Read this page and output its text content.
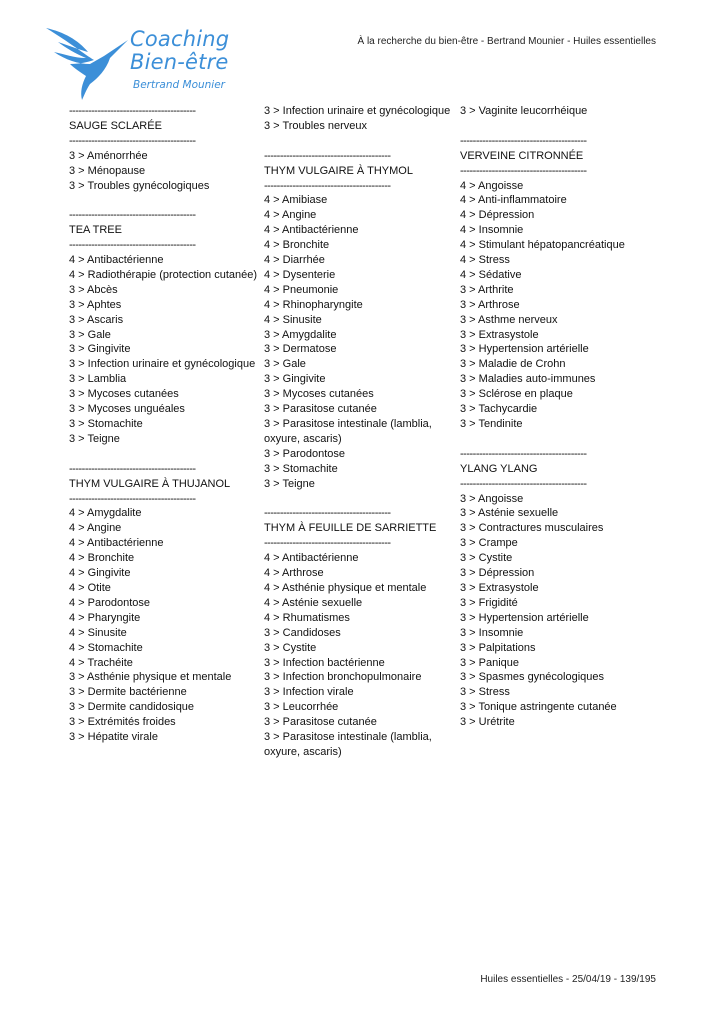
Coaching
Bien-être
Bertrand Mounier
À la recherche du bien-être - Bertrand Mounier - Huiles essentielles
----------------------------------------
SAUGE SCLARÉE
----------------------------------------
3 > Aménorrhée
3 > Ménopause
3 > Troubles gynécologiques
----------------------------------------
TEA TREE
----------------------------------------
4 > Antibactérienne
4 > Radiothérapie (protection cutanée)
3 > Abcès
3 > Aphtes
3 > Ascaris
3 > Gale
3 > Gingivite
3 > Infection urinaire et gynécologique
3 > Lamblia
3 > Mycoses cutanées
3 > Mycoses unguéales
3 > Stomachite
3 > Teigne
----------------------------------------
THYM VULGAIRE À THUJANOL
----------------------------------------
4 > Amygdalite
4 > Angine
4 > Antibactérienne
4 > Bronchite
4 > Gingivite
4 > Otite
4 > Parodontose
4 > Pharyngite
4 > Sinusite
4 > Stomachite
4 > Trachéite
3 > Asthénie physique et mentale
3 > Dermite bactérienne
3 > Dermite candidosique
3 > Extrémités froides
3 > Hépatite virale
3 > Infection urinaire et gynécologique
3 > Troubles nerveux
----------------------------------------
THYM VULGAIRE À THYMOL
----------------------------------------
4 > Amibiase
4 > Angine
4 > Antibactérienne
4 > Bronchite
4 > Diarrhée
4 > Dysenterie
4 > Pneumonie
4 > Rhinopharyngite
4 > Sinusite
3 > Amygdalite
3 > Dermatose
3 > Gale
3 > Gingivite
3 > Mycoses cutanées
3 > Parasitose cutanée
3 > Parasitose intestinale (lamblia, oxyure, ascaris)
3 > Parodontose
3 > Stomachite
3 > Teigne
----------------------------------------
THYM À FEUILLE DE SARRIETTE
----------------------------------------
4 > Antibactérienne
4 > Arthrose
4 > Asthénie physique et mentale
4 > Asténie sexuelle
4 > Rhumatismes
3 > Candidoses
3 > Cystite
3 > Infection bactérienne
3 > Infection bronchopulmonaire
3 > Infection virale
3 > Leucorrhée
3 > Parasitose cutanée
3 > Parasitose intestinale (lamblia, oxyure, ascaris)
3 > Vaginite leucorrhéique
----------------------------------------
VERVEINE CITRONNÉE
----------------------------------------
4 > Angoisse
4 > Anti-inflammatoire
4 > Dépression
4 > Insomnie
4 > Stimulant hépatopancréatique
4 > Stress
4 > Sédative
3 > Arthrite
3 > Arthrose
3 > Asthme nerveux
3 > Extrasystole
3 > Hypertension artérielle
3 > Maladie de Crohn
3 > Maladies auto-immunes
3 > Sclérose en plaque
3 > Tachycardie
3 > Tendinite
----------------------------------------
YLANG YLANG
----------------------------------------
3 > Angoisse
3 > Asténie sexuelle
3 > Contractures musculaires
3 > Crampe
3 > Cystite
3 > Dépression
3 > Extrasystole
3 > Frigidité
3 > Hypertension artérielle
3 > Insomnie
3 > Palpitations
3 > Panique
3 > Spasmes gynécologiques
3 > Stress
3 > Tonique astringente cutanée
3 > Urétrite
Huiles essentielles - 25/04/19 - 139/195
